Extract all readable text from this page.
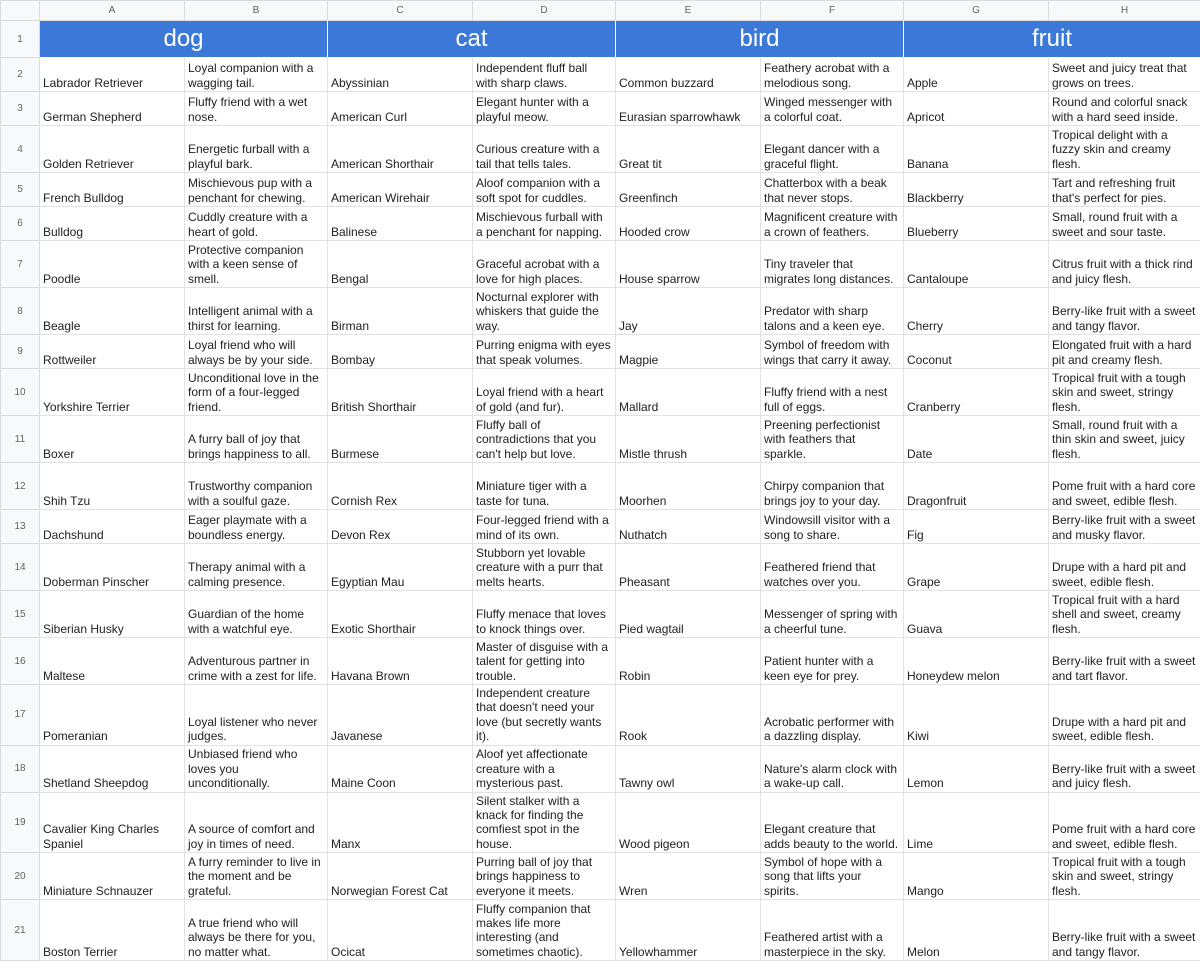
	A	B	C	D	E	F	G	H
1	dog		cat		bird		fruit	
2	Labrador Retriever	Loyal companion with a wagging tail.	Abyssinian	Independent fluff ball with sharp claws.	Common buzzard	Feathery acrobat with a melodious song.	Apple	Sweet and juicy treat that grows on trees.
3	German Shepherd	Fluffy friend with a wet nose.	American Curl	Elegant hunter with a playful meow.	Eurasian sparrowhawk	Winged messenger with a colorful coat.	Apricot	Round and colorful snack with a hard seed inside.
4	Golden Retriever	Energetic furball with a playful bark.	American Shorthair	Curious creature with a tail that tells tales.	Great tit	Elegant dancer with a graceful flight.	Banana	Tropical delight with a fuzzy skin and creamy flesh.
5	French Bulldog	Mischievous pup with a penchant for chewing.	American Wirehair	Aloof companion with a soft spot for cuddles.	Greenfinch	Chatterbox with a beak that never stops.	Blackberry	Tart and refreshing fruit that's perfect for pies.
6	Bulldog	Cuddly creature with a heart of gold.	Balinese	Mischievous furball with a penchant for napping.	Hooded crow	Magnificent creature with a crown of feathers.	Blueberry	Small, round fruit with a sweet and sour taste.
7	Poodle	Protective companion with a keen sense of smell.	Bengal	Graceful acrobat with a love for high places.	House sparrow	Tiny traveler that migrates long distances.	Cantaloupe	Citrus fruit with a thick rind and juicy flesh.
8	Beagle	Intelligent animal with a thirst for learning.	Birman	Nocturnal explorer with whiskers that guide the way.	Jay	Predator with sharp talons and a keen eye.	Cherry	Berry-like fruit with a sweet and tangy flavor.
9	Rottweiler	Loyal friend who will always be by your side.	Bombay	Purring enigma with eyes that speak volumes.	Magpie	Symbol of freedom with wings that carry it away.	Coconut	Elongated fruit with a hard pit and creamy flesh.
10	Yorkshire Terrier	Unconditional love in the form of a four-legged friend.	British Shorthair	Loyal friend with a heart of gold (and fur).	Mallard	Fluffy friend with a nest full of eggs.	Cranberry	Tropical fruit with a tough skin and sweet, stringy flesh.
11	Boxer	A furry ball of joy that brings happiness to all.	Burmese	Fluffy ball of contradictions that you can't help but love.	Mistle thrush	Preening perfectionist with feathers that sparkle.	Date	Small, round fruit with a thin skin and sweet, juicy flesh.
12	Shih Tzu	Trustworthy companion with a soulful gaze.	Cornish Rex	Miniature tiger with a taste for tuna.	Moorhen	Chirpy companion that brings joy to your day.	Dragonfruit	Pome fruit with a hard core and sweet, edible flesh.
13	Dachshund	Eager playmate with a boundless energy.	Devon Rex	Four-legged friend with a mind of its own.	Nuthatch	Windowsill visitor with a song to share.	Fig	Berry-like fruit with a sweet and musky flavor.
14	Doberman Pinscher	Therapy animal with a calming presence.	Egyptian Mau	Stubborn yet lovable creature with a purr that melts hearts.	Pheasant	Feathered friend that watches over you.	Grape	Drupe with a hard pit and sweet, edible flesh.
15	Siberian Husky	Guardian of the home with a watchful eye.	Exotic Shorthair	Fluffy menace that loves to knock things over.	Pied wagtail	Messenger of spring with a cheerful tune.	Guava	Tropical fruit with a hard shell and sweet, creamy flesh.
16	Maltese	Adventurous partner in crime with a zest for life.	Havana Brown	Master of disguise with a talent for getting into trouble.	Robin	Patient hunter with a keen eye for prey.	Honeydew melon	Berry-like fruit with a sweet and tart flavor.
17	Pomeranian	Loyal listener who never judges.	Javanese	Independent creature that doesn't need your love (but secretly wants it).	Rook	Acrobatic performer with a dazzling display.	Kiwi	Drupe with a hard pit and sweet, edible flesh.
18	Shetland Sheepdog	Unbiased friend who loves you unconditionally.	Maine Coon	Aloof yet affectionate creature with a mysterious past.	Tawny owl	Nature's alarm clock with a wake-up call.	Lemon	Berry-like fruit with a sweet and juicy flesh.
19	Cavalier King Charles Spaniel	A source of comfort and joy in times of need.	Manx	Silent stalker with a knack for finding the comfiest spot in the house.	Wood pigeon	Elegant creature that adds beauty to the world.	Lime	Pome fruit with a hard core and sweet, edible flesh.
20	Miniature Schnauzer	A furry reminder to live in the moment and be grateful.	Norwegian Forest Cat	Purring ball of joy that brings happiness to everyone it meets.	Wren	Symbol of hope with a song that lifts your spirits.	Mango	Tropical fruit with a tough skin and sweet, stringy flesh.
21	Boston Terrier	A true friend who will always be there for you, no matter what.	Ocicat	Fluffy companion that makes life more interesting (and sometimes chaotic).	Yellowhammer	Feathered artist with a masterpiece in the sky.	Melon	Berry-like fruit with a sweet and tangy flavor.
